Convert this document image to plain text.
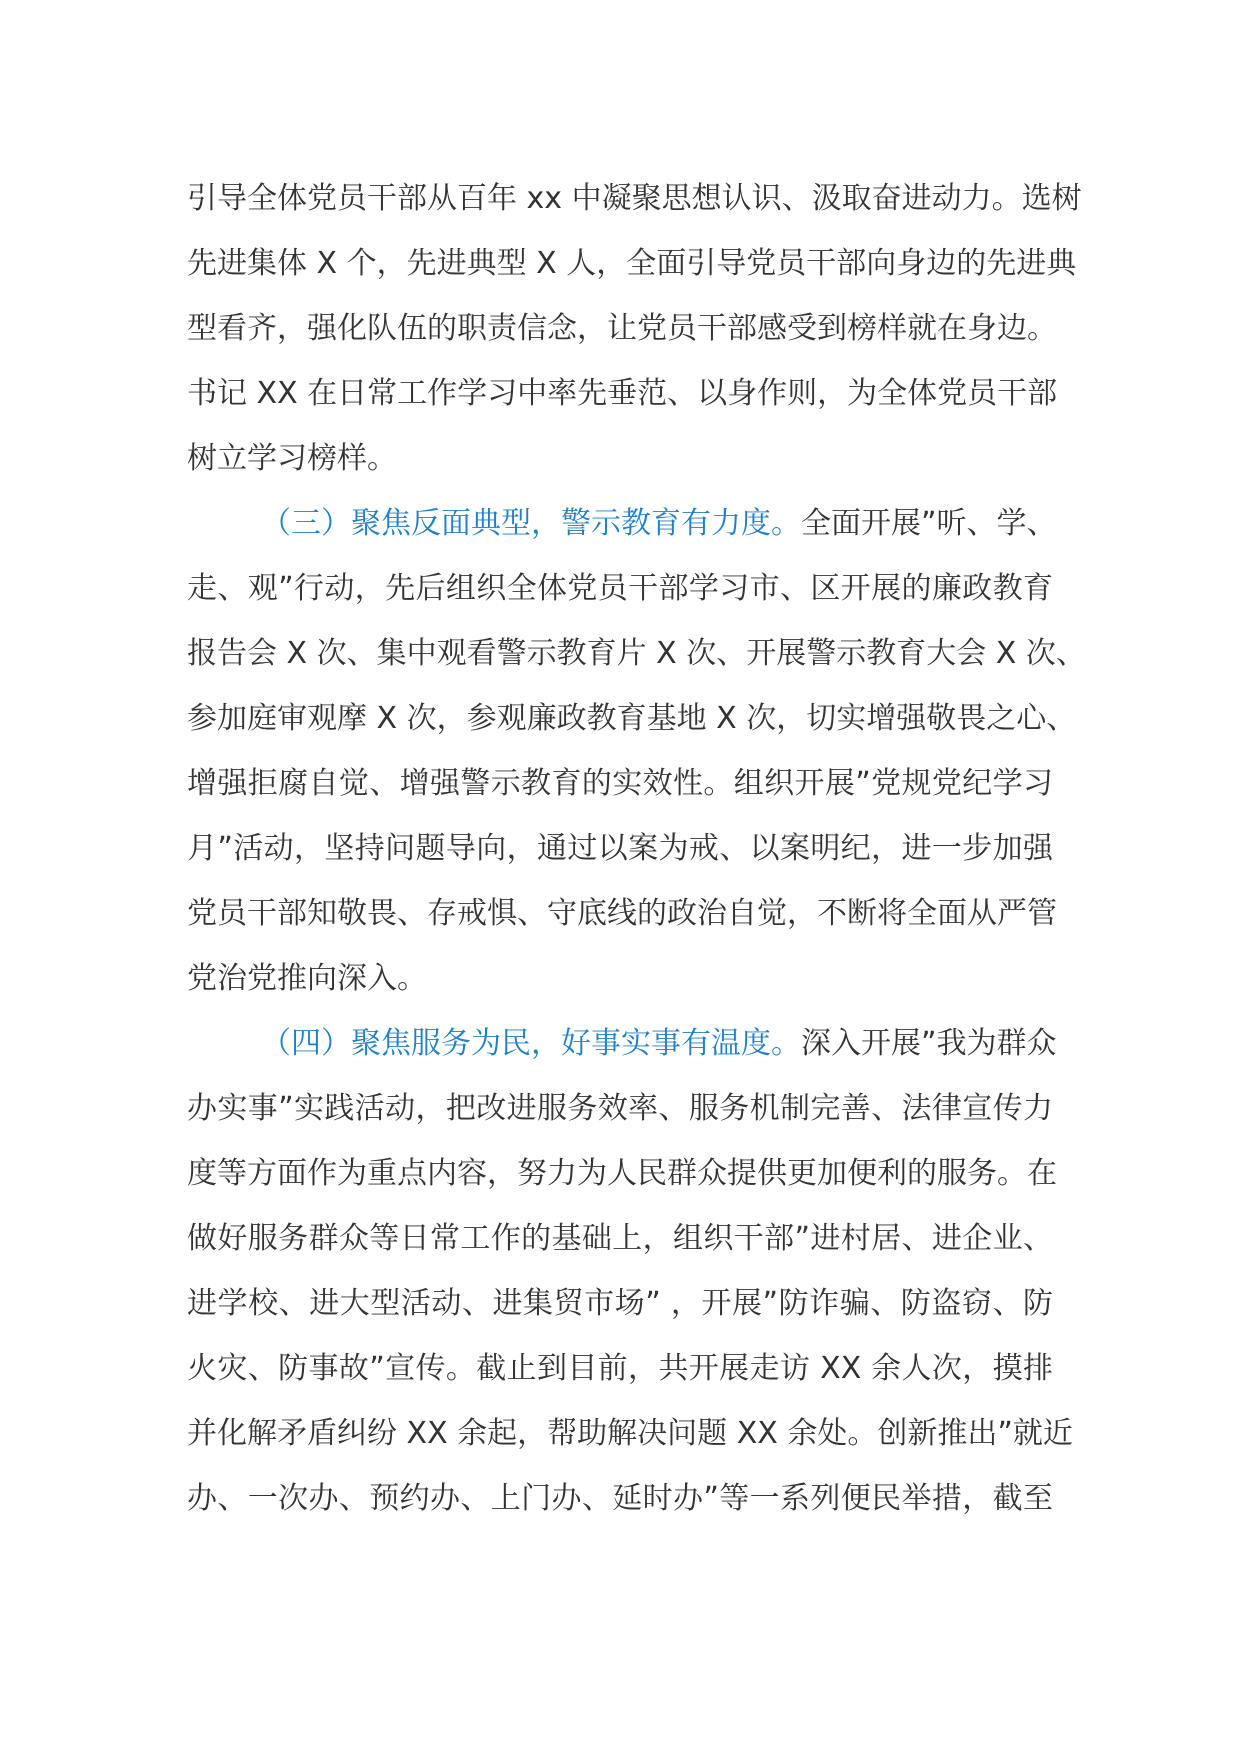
引导全体党员干部从百年 xx 中凝聚思想认识、汲取奋进动力。选树
先进集体 X 个，先进典型 X 人，全面引导党员干部向身边的先进典
型看齐，强化队伍的职责信念，让党员干部感受到榜样就在身边。
书记 XX 在日常工作学习中率先垂范、以身作则，为全体党员干部
树立学习榜样。
（三）聚焦反面典型，警示教育有力度。全面开展”听、学、
走、观”行动，先后组织全体党员干部学习市、区开展的廉政教育
报告会 X 次、集中观看警示教育片 X 次、开展警示教育大会 X 次、
参加庭审观摩 X 次，参观廉政教育基地 X 次，切实增强敬畏之心、
增强拒腐自觉、增强警示教育的实效性。组织开展”党规党纪学习
月”活动，坚持问题导向，通过以案为戒、以案明纪，进一步加强
党员干部知敬畏、存戒惧、守底线的政治自觉，不断将全面从严管
党治党推向深入。
（四）聚焦服务为民，好事实事有温度。深入开展”我为群众
办实事”实践活动，把改进服务效率、服务机制完善、法律宣传力
度等方面作为重点内容，努力为人民群众提供更加便利的服务。在
做好服务群众等日常工作的基础上，组织干部”进村居、进企业、
进学校、进大型活动、进集贸市场” ，开展”防诈骗、防盗窃、防
火灾、防事故”宣传。截止到目前，共开展走访 XX 余人次，摸排
并化解矛盾纠纷 XX 余起，帮助解决问题 XX 余处。创新推出”就近
办、一次办、预约办、上门办、延时办”等一系列便民举措，截至
